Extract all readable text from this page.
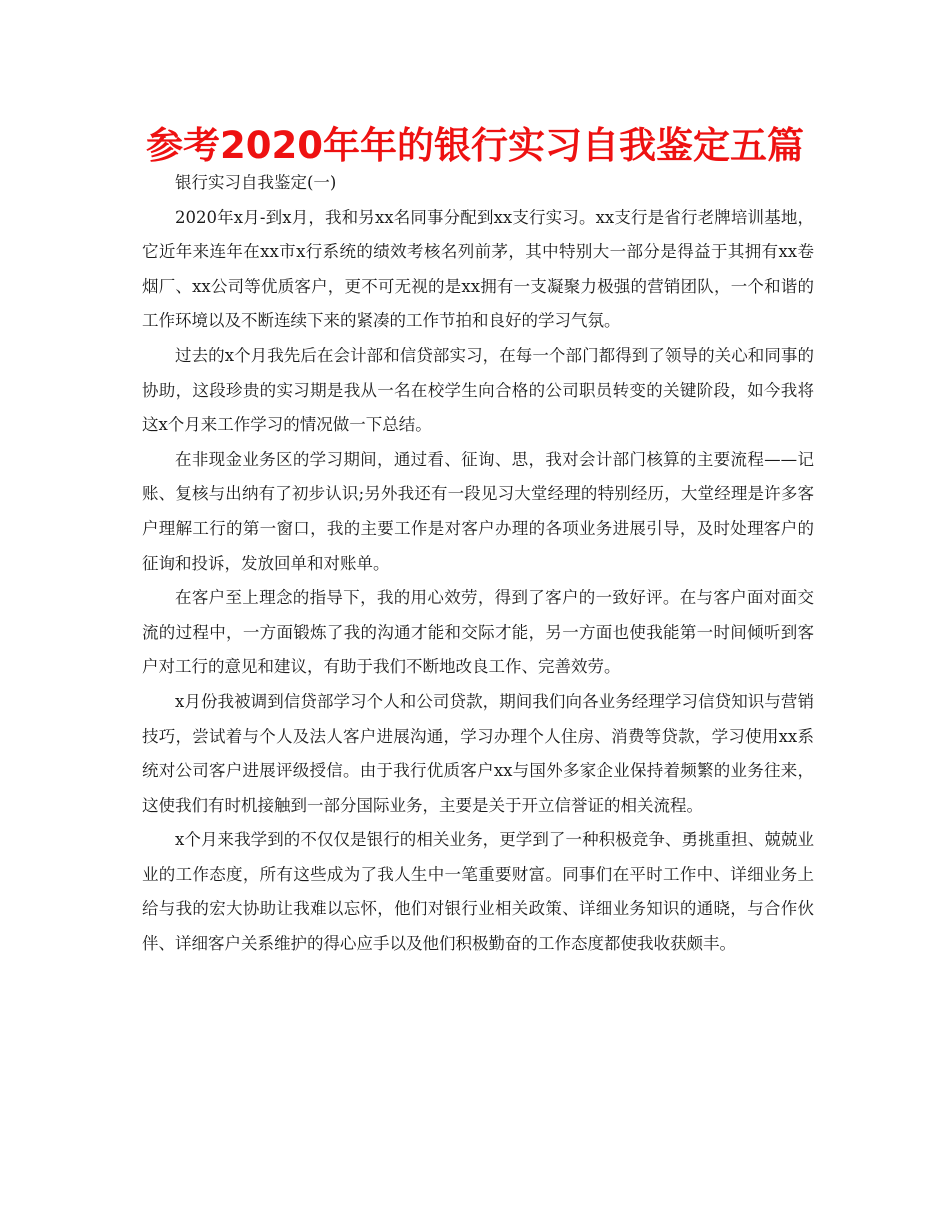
参考2020年年的银行实习自我鉴定五篇

银行实习自我鉴定(一)

2020年x月-到x月，我和另xx名同事分配到xx支行实习。xx支行是省行老牌培训基地，它近年来连年在xx市x行系统的绩效考核名列前茅，其中特别大一部分是得益于其拥有xx卷烟厂、xx公司等优质客户，更不可无视的是xx拥有一支凝聚力极强的营销团队，一个和谐的工作环境以及不断连续下来的紧凑的工作节拍和良好的学习气氛。

过去的x个月我先后在会计部和信贷部实习，在每一个部门都得到了领导的关心和同事的协助，这段珍贵的实习期是我从一名在校学生向合格的公司职员转变的关键阶段，如今我将这x个月来工作学习的情况做一下总结。

在非现金业务区的学习期间，通过看、征询、思，我对会计部门核算的主要流程——记账、复核与出纳有了初步认识;另外我还有一段见习大堂经理的特别经历，大堂经理是许多客户理解工行的第一窗口，我的主要工作是对客户办理的各项业务进展引导，及时处理客户的征询和投诉，发放回单和对账单。

在客户至上理念的指导下，我的用心效劳，得到了客户的一致好评。在与客户面对面交流的过程中，一方面锻炼了我的沟通才能和交际才能，另一方面也使我能第一时间倾听到客户对工行的意见和建议，有助于我们不断地改良工作、完善效劳。

x月份我被调到信贷部学习个人和公司贷款，期间我们向各业务经理学习信贷知识与营销技巧，尝试着与个人及法人客户进展沟通，学习办理个人住房、消费等贷款，学习使用xx系统对公司客户进展评级授信。由于我行优质客户xx与国外多家企业保持着频繁的业务往来，这使我们有时机接触到一部分国际业务，主要是关于开立信誉证的相关流程。

x个月来我学到的不仅仅是银行的相关业务，更学到了一种积极竞争、勇挑重担、兢兢业业的工作态度，所有这些成为了我人生中一笔重要财富。同事们在平时工作中、详细业务上给与我的宏大协助让我难以忘怀，他们对银行业相关政策、详细业务知识的通晓，与合作伙伴、详细客户关系维护的得心应手以及他们积极勤奋的工作态度都使我收获颇丰。
